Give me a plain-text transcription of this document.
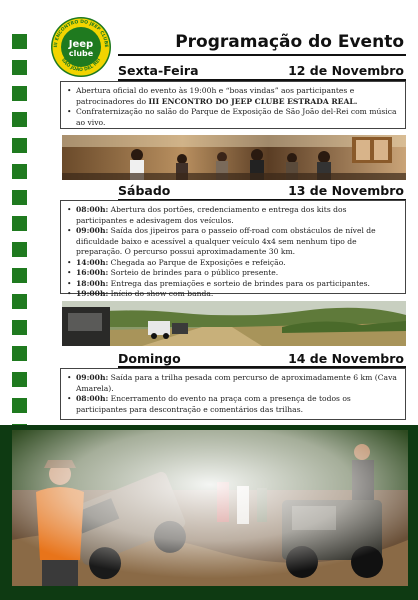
III ENCONTRO DO JEEP CLUBE
SÃO JOÃO DEL REI
Jeep
clube
Programação do Evento
Sexta-Feira	12 de Novembro
• Abertura oficial do evento às 19:00h e “boas vindas” aos participantes e patrocinadores do III ENCONTRO DO JEEP CLUBE ESTRADA REAL.
• Confraternização no salão do Parque de Exposição de São João del-Rei com música ao vivo.
Sábado	13 de Novembro
• 08:00h: Abertura dos portões, credenciamento e entrega dos kits dos participantes e adesivagem dos veículos.
• 09:00h: Saída dos jipeiros para o passeio off-road com obstáculos de nível de dificuldade baixo e acessível a qualquer veículo 4x4 sem nenhum tipo de preparação. O percurso possui aproximadamente 30 km.
• 14:00h: Chegada ao Parque de Exposições e refeição.
• 16:00h: Sorteio de brindes para o público presente.
• 18:00h: Entrega das premiações e sorteio de brindes para os participantes.
• 19:00h: Início do show com banda.
Domingo	14 de Novembro
• 09:00h: Saída para a trilha pesada com percurso de aproximadamente 6 km (Cava Amarela).
• 08:00h: Encerramento do evento na praça com a presença de todos os participantes para descontração e comentários das trilhas.
